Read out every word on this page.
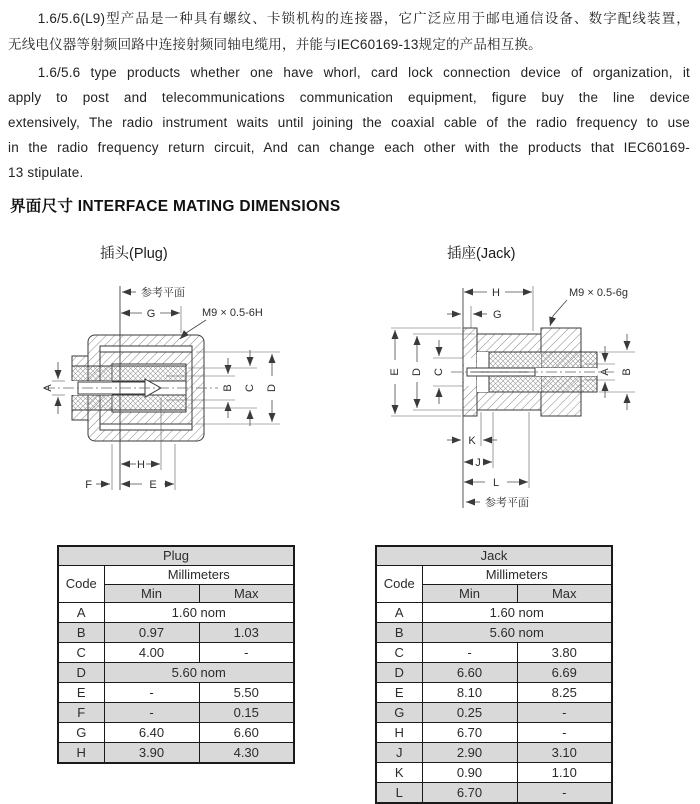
1.6/5.6(L9)型产品是一种具有螺纹、卡锁机构的连接器，它广泛应用于邮电通信设备、数字配线装置，
无线电仪器等射频回路中连接射频同轴电缆用，并能与IEC60169-13规定的产品相互换。
1.6/5.6 type products whether one have whorl, card lock connection device of organization, it
apply to post and telecommunications communication equipment, figure buy the line device
extensively, The radio instrument waits until joining the coaxial cable of the radio frequency to use
in the radio frequency return circuit, And can change each other with the products that IEC60169-
13 stipulate.
界面尺寸 INTERFACE MATING DIMENSIONS
插头(Plug)	插座(Jack)
参考平面
G	M9 × 0.5-6H
A	B C D
H
F	E
H	M9 × 0.5-6g
G
E D C	A B
K
J
L
参考平面
Plug		
Code	Millimeters	
	Min	Max
A	1.60 nom	
B	0.97	1.03
C	4.00	-
D	5.60 nom	
E	-	5.50
F	-	0.15
G	6.40	6.60
H	3.90	4.30
Jack		
Code	Millimeters	
	Min	Max
A	1.60 nom	
B	5.60 nom	
C	-	3.80
D	6.60	6.69
E	8.10	8.25
G	0.25	-
H	6.70	-
J	2.90	3.10
K	0.90	1.10
L	6.70	-
